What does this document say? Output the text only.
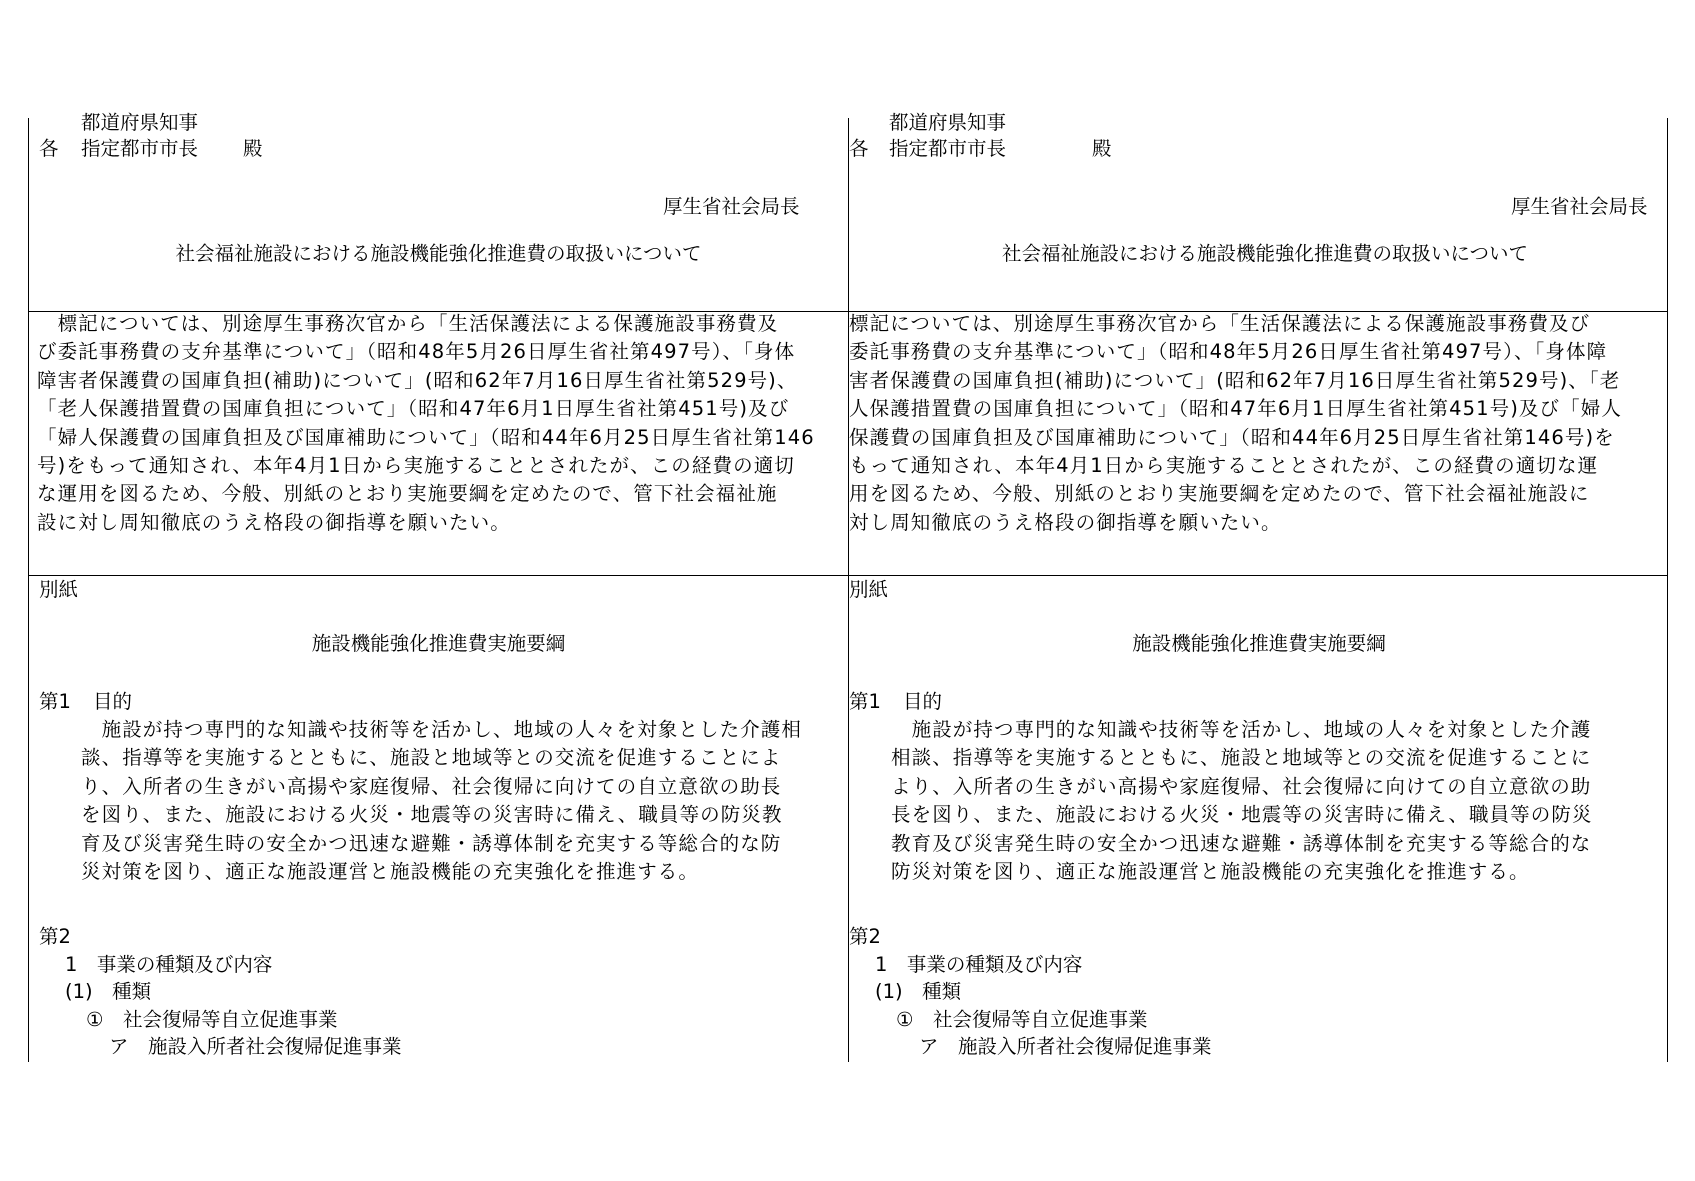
都道府県知事
各 指定都市市長 殿
厚生省社会局長
社会福祉施設における施設機能強化推進費の取扱いについて
　標記については、別途厚生事務次官から「生活保護法による保護施設事務費及
び委託事務費の支弁基準について」（昭和48年5月26日厚生省社第497号）、「身体
障害者保護費の国庫負担(補助)について」(昭和62年7月16日厚生省社第529号)、
「老人保護措置費の国庫負担について」（昭和47年6月1日厚生省社第451号)及び
「婦人保護費の国庫負担及び国庫補助について」（昭和44年6月25日厚生省社第146
号)をもって通知され、本年4月1日から実施することとされたが、この経費の適切
な運用を図るため、今般、別紙のとおり実施要綱を定めたので、管下社会福祉施
設に対し周知徹底のうえ格段の御指導を願いたい。
別紙
施設機能強化推進費実施要綱
第1 目的
　施設が持つ専門的な知識や技術等を活かし、地域の人々を対象とした介護相
談、指導等を実施するとともに、施設と地域等との交流を促進することによ
り、入所者の生きがい高揚や家庭復帰、社会復帰に向けての自立意欲の助長
を図り、また、施設における火災・地震等の災害時に備え、職員等の防災教
育及び災害発生時の安全かつ迅速な避難・誘導体制を充実する等総合的な防
災対策を図り、適正な施設運営と施設機能の充実強化を推進する。
第2
1　事業の種類及び内容
(1)　種類
①　社会復帰等自立促進事業
ア　施設入所者社会復帰促進事業
都道府県知事
各 指定都市市長	殿
厚生省社会局長
社会福祉施設における施設機能強化推進費の取扱いについて
標記については、別途厚生事務次官から「生活保護法による保護施設事務費及び
委託事務費の支弁基準について」（昭和48年5月26日厚生省社第497号）、「身体障
害者保護費の国庫負担(補助)について」(昭和62年7月16日厚生省社第529号)、「老
人保護措置費の国庫負担について」（昭和47年6月1日厚生省社第451号)及び「婦人
保護費の国庫負担及び国庫補助について」（昭和44年6月25日厚生省社第146号)を
もって通知され、本年4月1日から実施することとされたが、この経費の適切な運
用を図るため、今般、別紙のとおり実施要綱を定めたので、管下社会福祉施設に
対し周知徹底のうえ格段の御指導を願いたい。
別紙
施設機能強化推進費実施要綱
第1 目的
　施設が持つ専門的な知識や技術等を活かし、地域の人々を対象とした介護
相談、指導等を実施するとともに、施設と地域等との交流を促進することに
より、入所者の生きがい高揚や家庭復帰、社会復帰に向けての自立意欲の助
長を図り、また、施設における火災・地震等の災害時に備え、職員等の防災
教育及び災害発生時の安全かつ迅速な避難・誘導体制を充実する等総合的な
防災対策を図り、適正な施設運営と施設機能の充実強化を推進する。
第2
1　事業の種類及び内容
(1)　種類
①　社会復帰等自立促進事業
ア　施設入所者社会復帰促進事業
